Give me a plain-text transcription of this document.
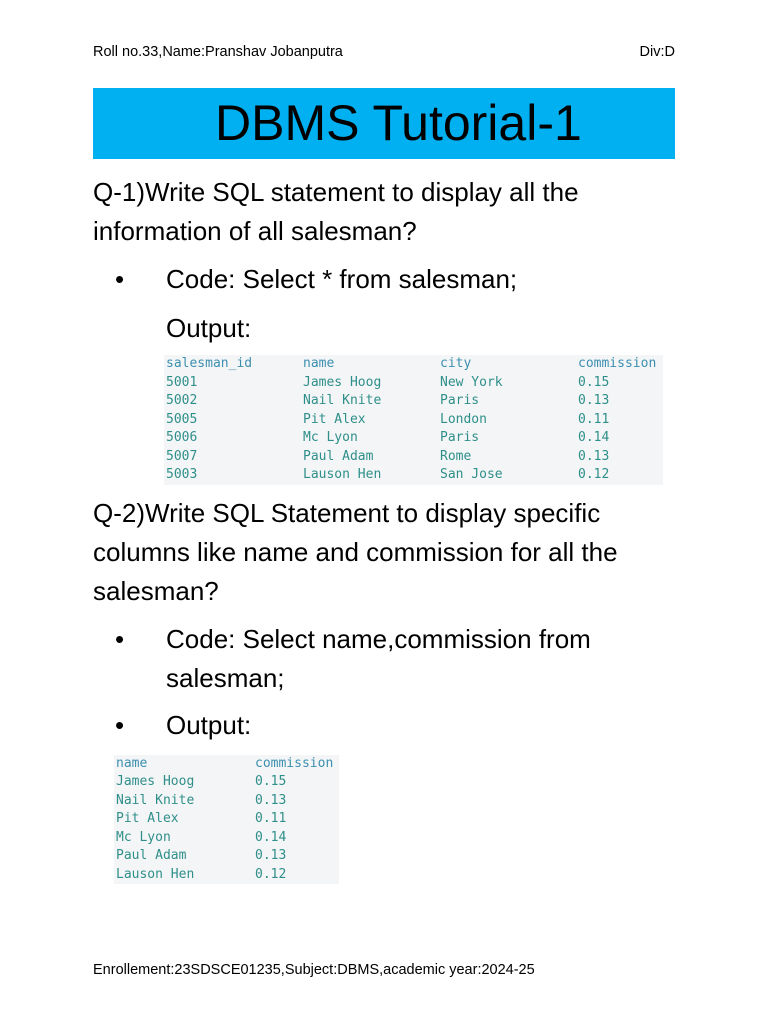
Roll no.33,Name:Pranshav Jobanputra	Div:D
DBMS Tutorial-1
Q-1)Write SQL statement to display all the
information of all salesman?
•	Code: Select * from salesman;
Output:
salesman_id	name	city	commission
5001	James Hoog	New York	0.15
5002	Nail Knite	Paris	0.13
5005	Pit Alex	London	0.11
5006	Mc Lyon	Paris	0.14
5007	Paul Adam	Rome	0.13
5003	Lauson Hen	San Jose	0.12
Q-2)Write SQL Statement to display specific
columns like name and commission for all the
salesman?
•	Code: Select name,commission from
salesman;
•	Output:
name	commission
James Hoog	0.15
Nail Knite	0.13
Pit Alex	0.11
Mc Lyon	0.14
Paul Adam	0.13
Lauson Hen	0.12
Enrollement:23SDSCE01235,Subject:DBMS,academic year:2024-25
